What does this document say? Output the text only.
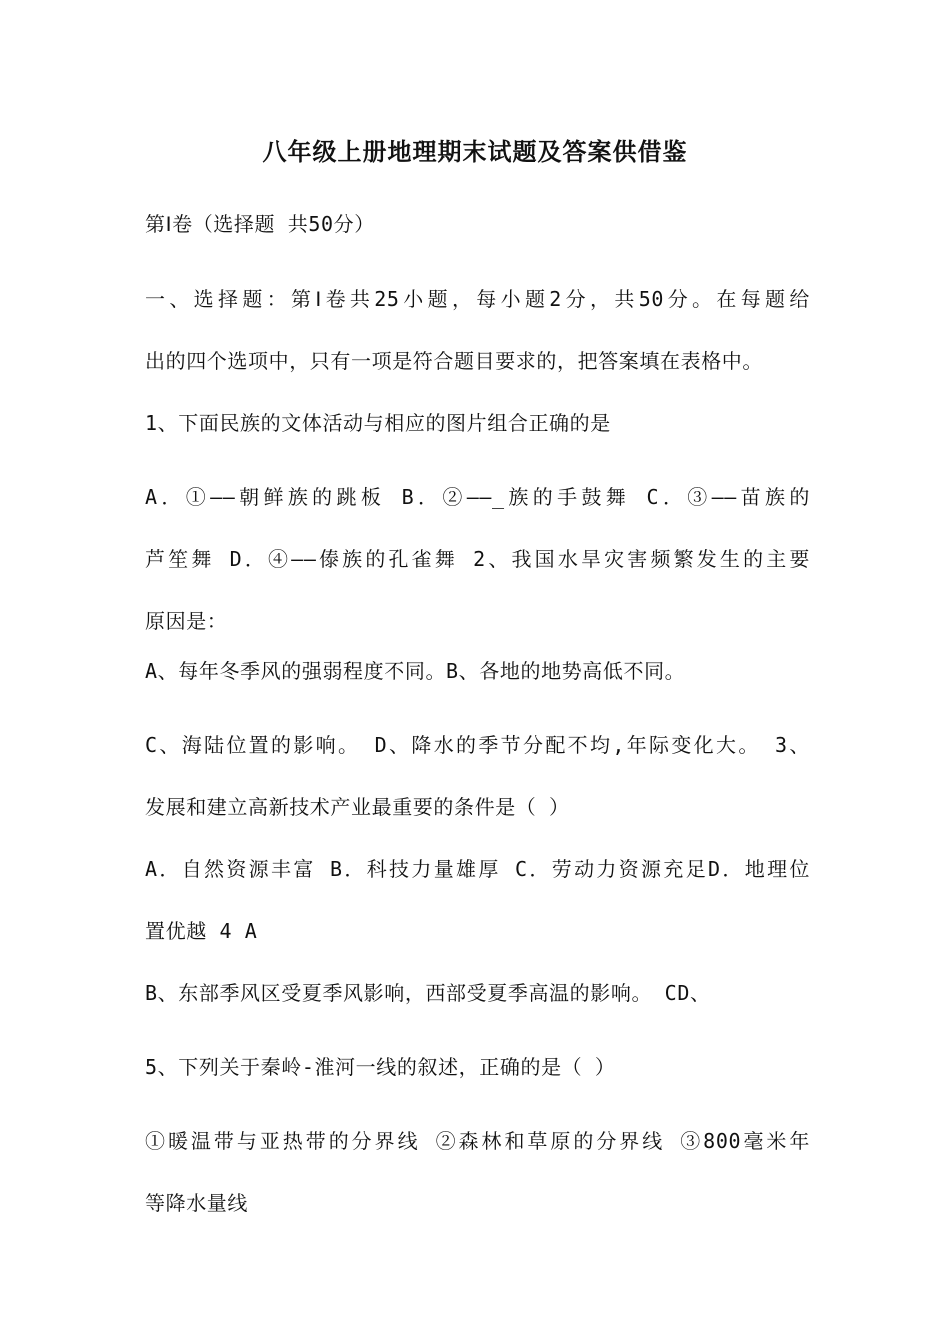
八年级上册地理期末试题及答案供借鉴
第Ⅰ卷（选择题 共50分）
一、选择题：第Ⅰ卷共25小题，每小题2分，共50分。在每题给
出的四个选项中，只有一项是符合题目要求的，把答案填在表格中。
1、下面民族的文体活动与相应的图片组合正确的是
A．①——朝鲜族的跳板 B．②——_族的手鼓舞 C．③——苗族的
芦笙舞 D．④——傣族的孔雀舞 2、我国水旱灾害频繁发生的主要
原因是：
A、每年冬季风的强弱程度不同。B、各地的地势高低不同。
C、海陆位置的影响。 D、降水的季节分配不均,年际变化大。 3、
发展和建立高新技术产业最重要的条件是（ ）
A．自然资源丰富 B．科技力量雄厚 C．劳动力资源充足D．地理位
置优越 4 A
B、东部季风区受夏季风影响，西部受夏季高温的影响。 CD、
5、下列关于秦岭-淮河一线的叙述，正确的是（ ）
①暖温带与亚热带的分界线 ②森林和草原的分界线 ③800毫米年
等降水量线
